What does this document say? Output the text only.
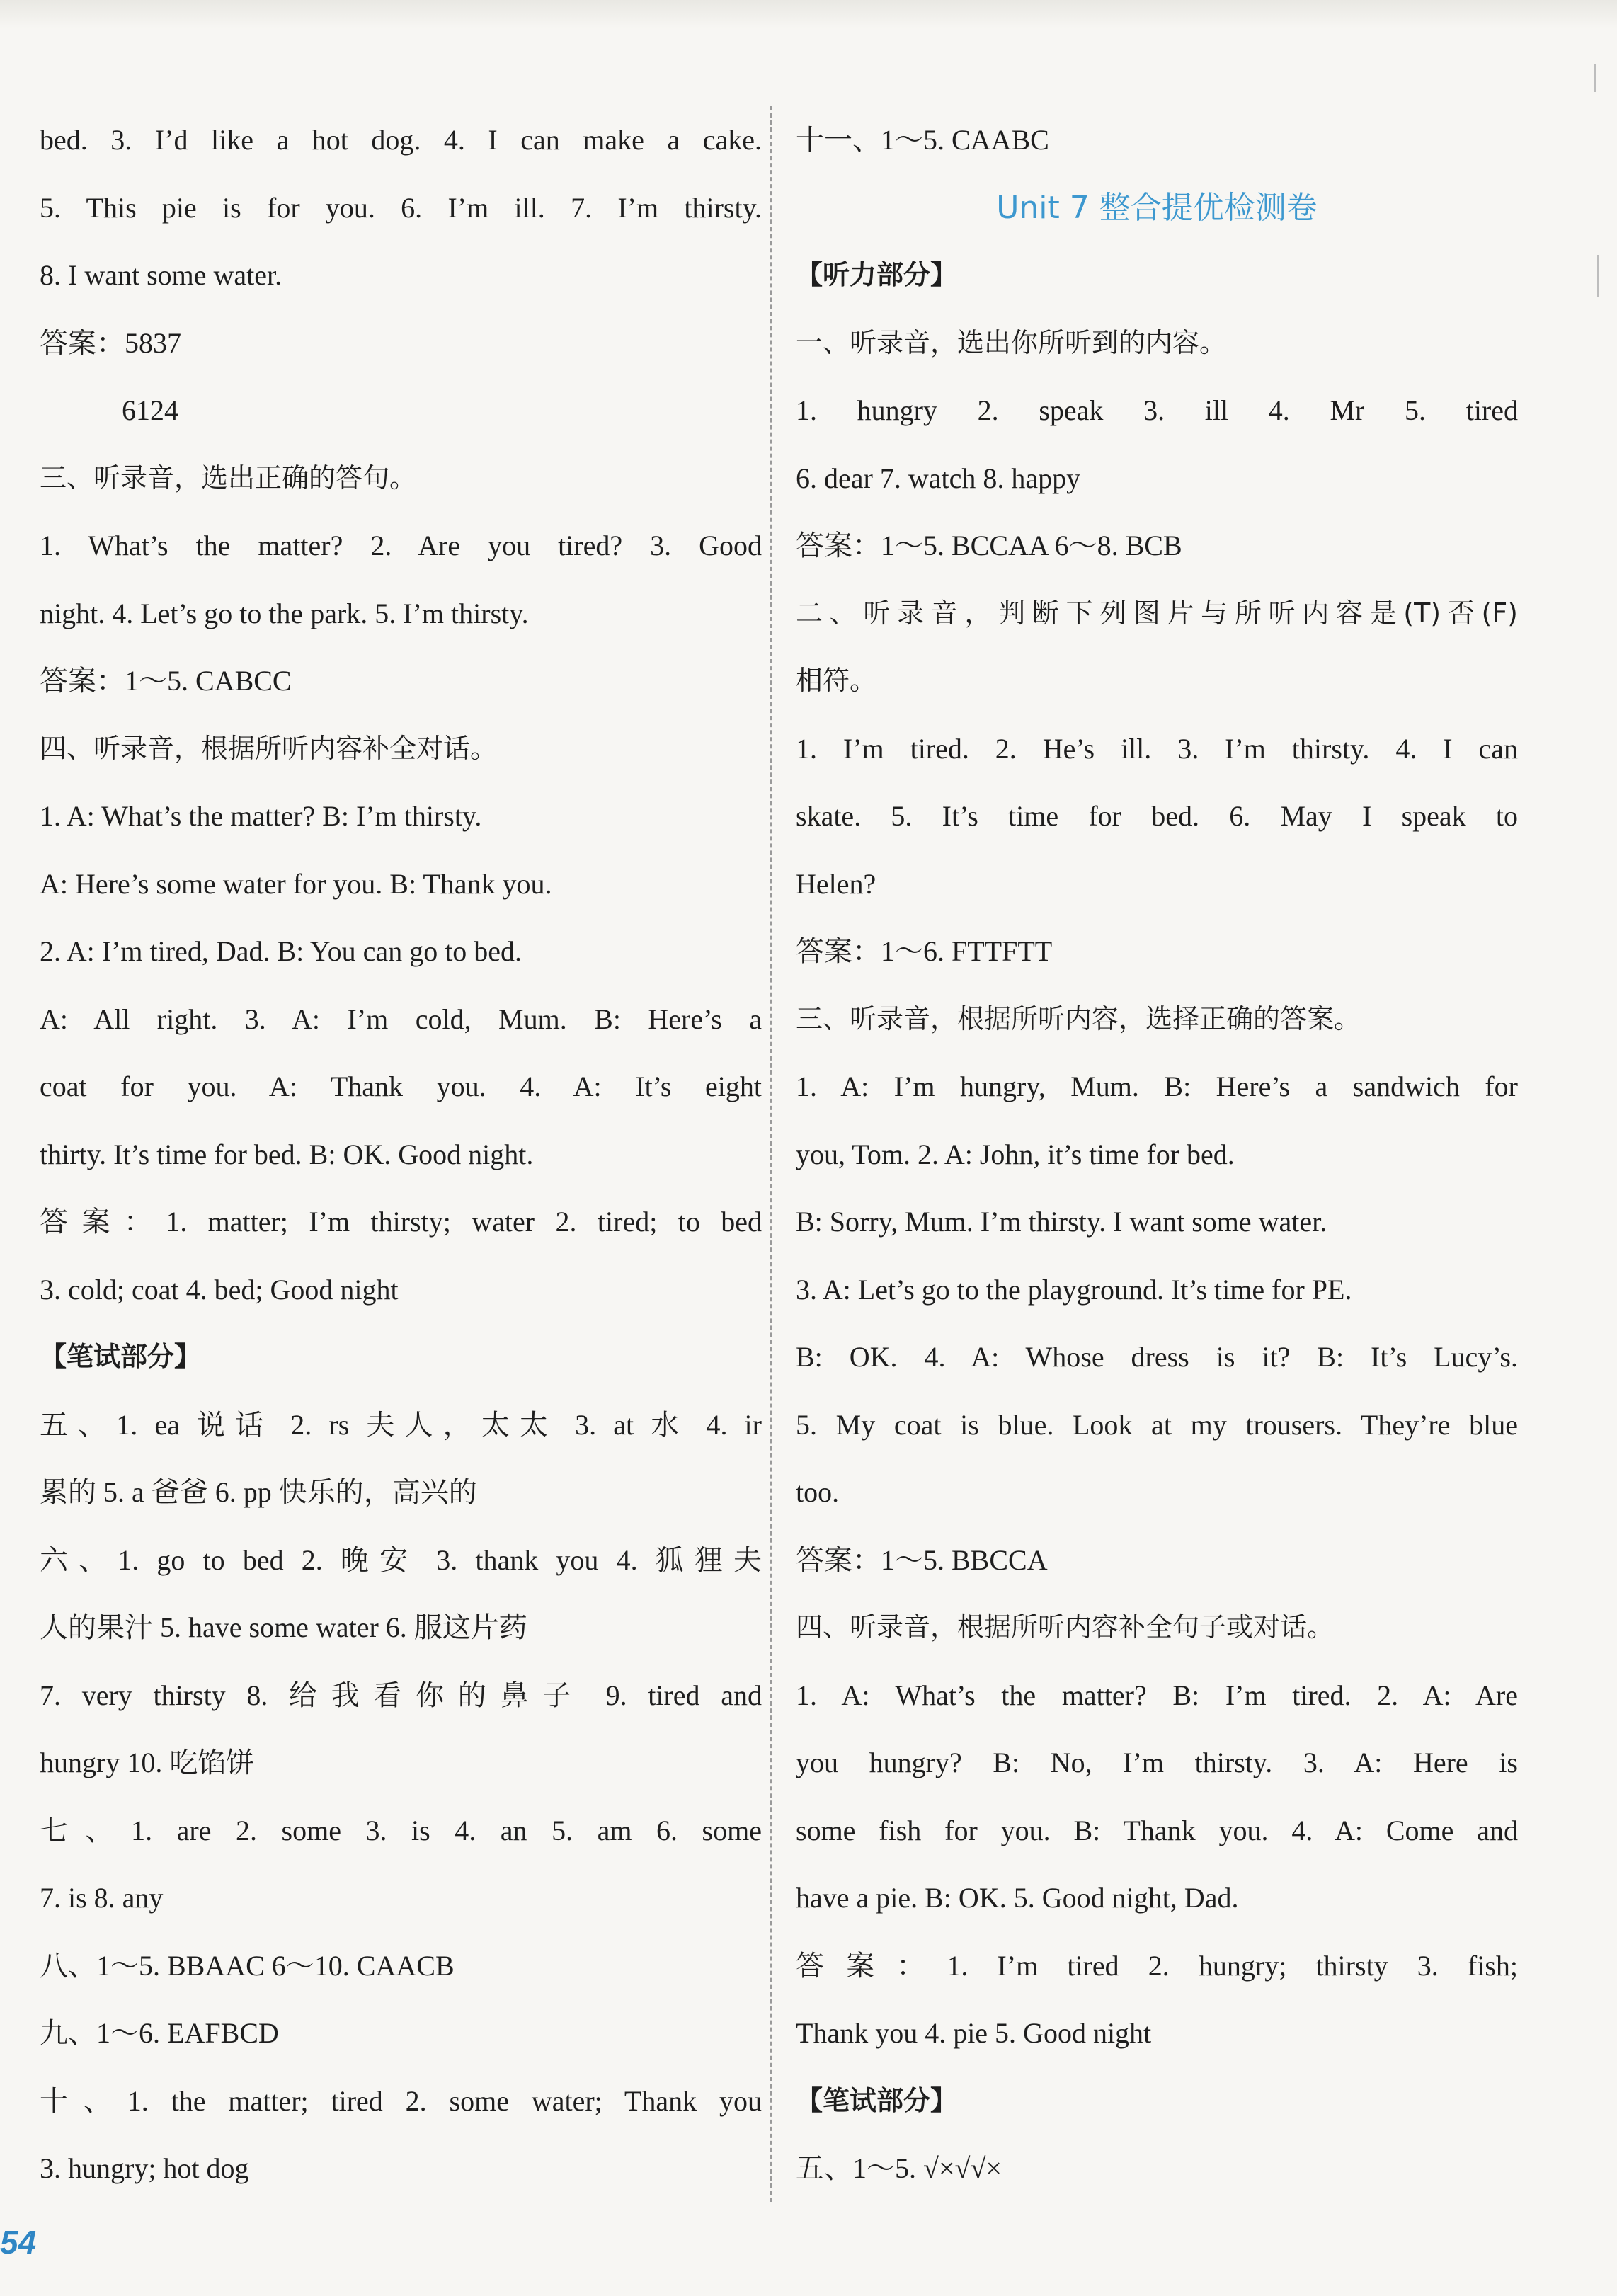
bed. 3. I’d like a hot dog. 4. I can make a cake.
5. This pie is for you. 6. I’m ill. 7. I’m thirsty.
8. I want some water.
答案：5837
6124
三、听录音，选出正确的答句。
1. What’s the matter? 2. Are you tired? 3. Good
night. 4. Let’s go to the park. 5. I’m thirsty.
答案：1～5. CABCC
四、听录音，根据所听内容补全对话。
1. A: What’s the matter? B: I’m thirsty.
A: Here’s some water for you. B: Thank you.
2. A: I’m tired, Dad. B: You can go to bed.
A: All right. 3. A: I’m cold, Mum. B: Here’s a
coat for you. A: Thank you. 4. A: It’s eight
thirty. It’s time for bed. B: OK. Good night.
答案：1. matter; I’m thirsty; water 2. tired; to bed
3. cold; coat 4. bed; Good night
【笔试部分】
五、1. ea 说话 2. rs 夫人，太太 3. at 水 4. ir
累的 5. a 爸爸 6. pp 快乐的，高兴的
六、1. go to bed 2. 晚安 3. thank you 4. 狐狸夫
人的果汁 5. have some water 6. 服这片药
7. very thirsty 8. 给我看你的鼻子 9. tired and
hungry 10. 吃馅饼
七、1. are 2. some 3. is 4. an 5. am 6. some
7. is 8. any
八、1～5. BBAAC 6～10. CAACB
九、1～6. EAFBCD
十、1. the matter; tired 2. some water; Thank you
3. hungry; hot dog
十一、1～5. CAABC
Unit 7 整合提优检测卷
【听力部分】
一、听录音，选出你所听到的内容。
1. hungry 2. speak 3. ill 4. Mr 5. tired
6. dear 7. watch 8. happy
答案：1～5. BCCAA 6～8. BCB
二、听录音，判断下列图片与所听内容是(T)否(F)
相符。
1. I’m tired. 2. He’s ill. 3. I’m thirsty. 4. I can
skate. 5. It’s time for bed. 6. May I speak to
Helen?
答案：1～6. FTTFTT
三、听录音，根据所听内容，选择正确的答案。
1. A: I’m hungry, Mum. B: Here’s a sandwich for
you, Tom. 2. A: John, it’s time for bed.
B: Sorry, Mum. I’m thirsty. I want some water.
3. A: Let’s go to the playground. It’s time for PE.
B: OK. 4. A: Whose dress is it? B: It’s Lucy’s.
5. My coat is blue. Look at my trousers. They’re blue
too.
答案：1～5. BBCCA
四、听录音，根据所听内容补全句子或对话。
1. A: What’s the matter? B: I’m tired. 2. A: Are
you hungry? B: No, I’m thirsty. 3. A: Here is
some fish for you. B: Thank you. 4. A: Come and
have a pie. B: OK. 5. Good night, Dad.
答案：1. I’m tired 2. hungry; thirsty 3. fish;
Thank you 4. pie 5. Good night
【笔试部分】
五、1～5. √×√√×
54
